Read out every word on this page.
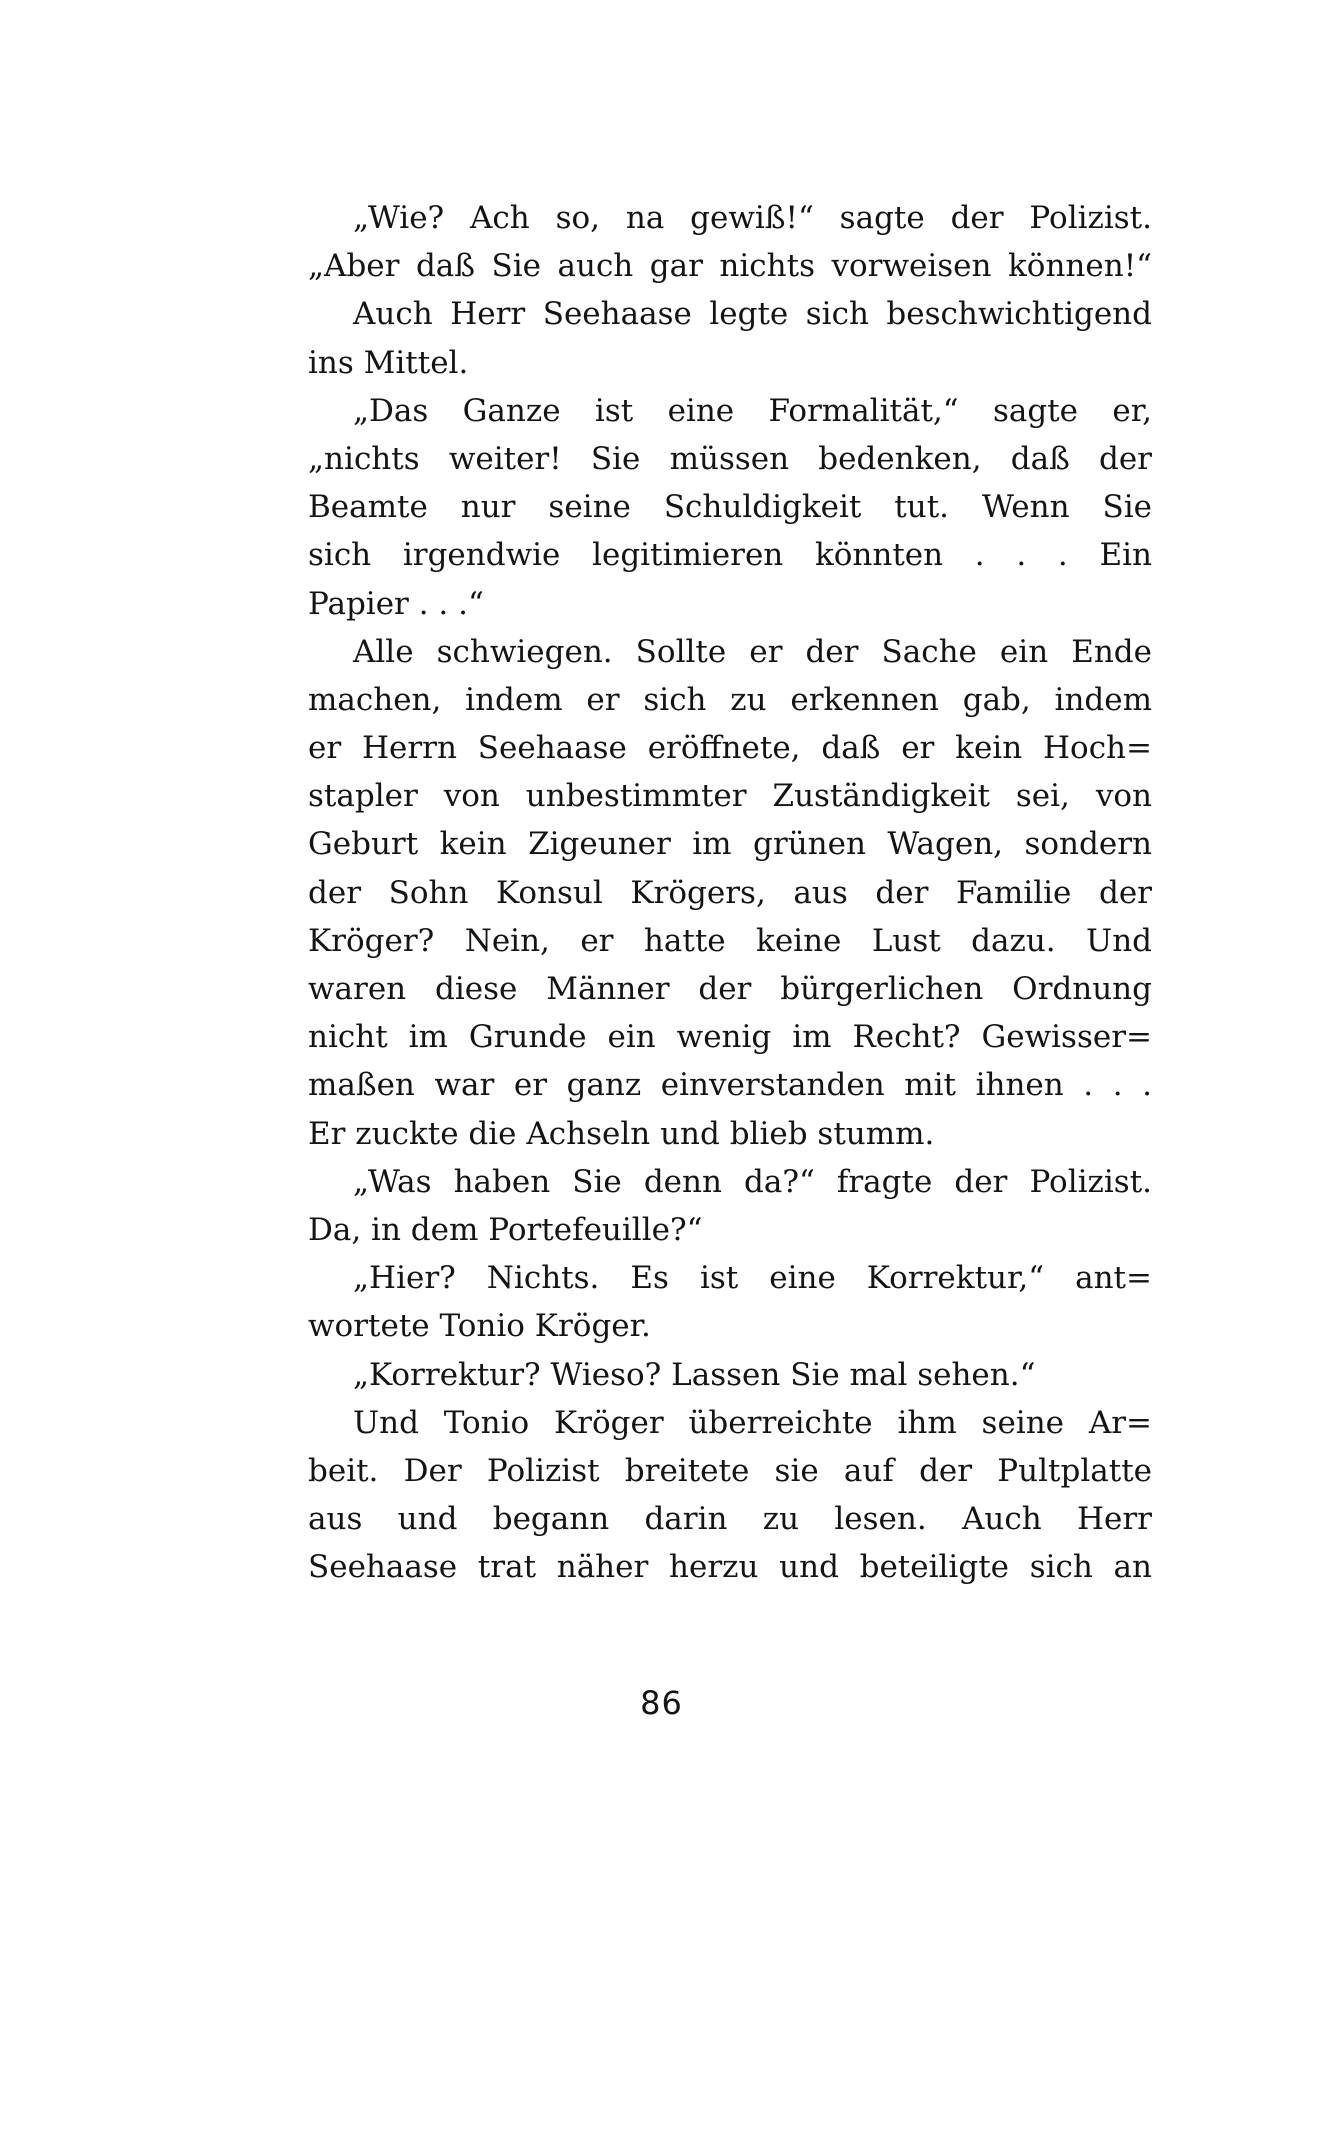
„Wie? Ach so, na gewiß!“ sagte der Polizist.
„Aber daß Sie auch gar nichts vorweisen können!“
Auch Herr Seehaase legte sich beschwichtigend
ins Mittel.
„Das Ganze ist eine Formalität,“ sagte er,
„nichts weiter! Sie müssen bedenken, daß der
Beamte nur seine Schuldigkeit tut. Wenn Sie
sich irgendwie legitimieren könnten . . . Ein
Papier . . .“
Alle schwiegen. Sollte er der Sache ein Ende
machen, indem er sich zu erkennen gab, indem
er Herrn Seehaase eröffnete, daß er kein Hoch=
stapler von unbestimmter Zuständigkeit sei, von
Geburt kein Zigeuner im grünen Wagen, sondern
der Sohn Konsul Krögers, aus der Familie der
Kröger? Nein, er hatte keine Lust dazu. Und
waren diese Männer der bürgerlichen Ordnung
nicht im Grunde ein wenig im Recht? Gewisser=
maßen war er ganz einverstanden mit ihnen . . .
Er zuckte die Achseln und blieb stumm.
„Was haben Sie denn da?“ fragte der Polizist.
Da, in dem Portefeuille?“
„Hier? Nichts. Es ist eine Korrektur,“ ant=
wortete Tonio Kröger.
„Korrektur? Wieso? Lassen Sie mal sehen.“
Und Tonio Kröger überreichte ihm seine Ar=
beit. Der Polizist breitete sie auf der Pultplatte
aus und begann darin zu lesen. Auch Herr
Seehaase trat näher herzu und beteiligte sich an
86
